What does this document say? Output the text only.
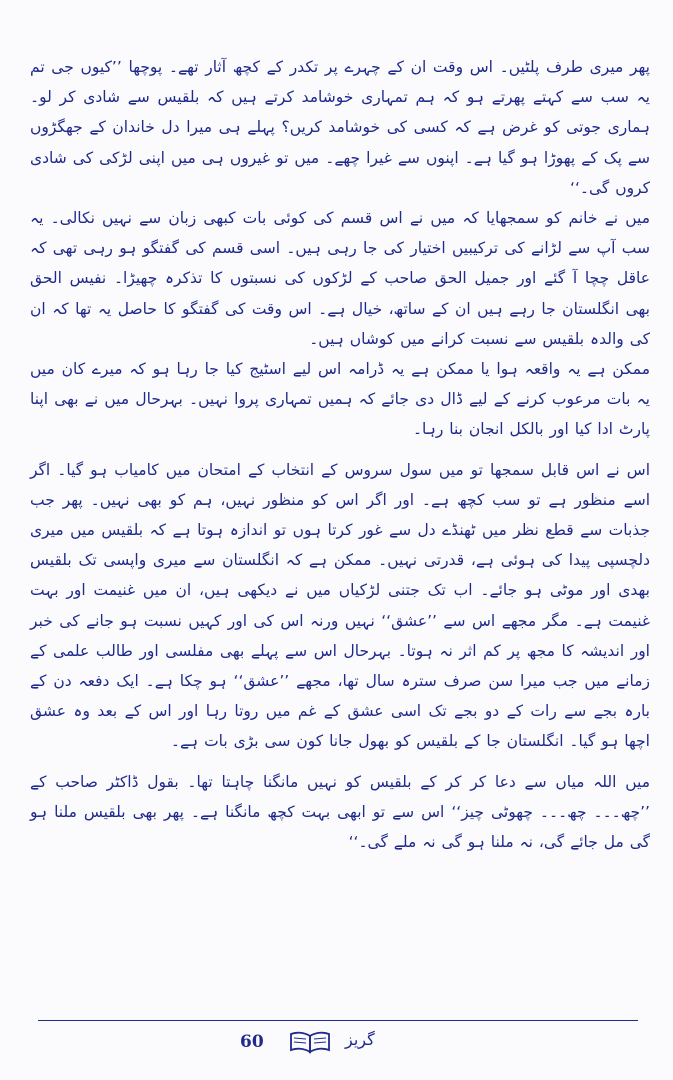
پھر میری طرف پلٹیں۔ اس وقت ان کے چہرے پر تکدر کے کچھ آثار تھے۔ پوچھا ’’کیوں جی تم یہ سب سے کہتے پھرتے ہو کہ ہم تمہاری خوشامد کرتے ہیں کہ بلقیس سے شادی کر لو۔ ہماری جوتی کو غرض ہے کہ کسی کی خوشامد کریں؟ پہلے ہی میرا دل خاندان کے جھگڑوں سے پک کے پھوڑا ہو گیا ہے۔ اپنوں سے غیرا چھے۔ میں تو غیروں ہی میں اپنی لڑکی کی شادی کروں گی۔‘‘

میں نے خانم کو سمجھایا کہ میں نے اس قسم کی کوئی بات کبھی زبان سے نہیں نکالی۔ یہ سب آپ سے لڑانے کی ترکیبیں اختیار کی جا رہی ہیں۔ اسی قسم کی گفتگو ہو رہی تھی کہ عاقل چچا آ گئے اور جمیل الحق صاحب کے لڑکوں کی نسبتوں کا تذکرہ چھیڑا۔ نفیس الحق بھی انگلستان جا رہے ہیں ان کے ساتھ، خیال ہے۔ اس وقت کی گفتگو کا حاصل یہ تھا کہ ان کی والدہ بلقیس سے نسبت کرانے میں کوشاں ہیں۔

ممکن ہے یہ واقعہ ہوا یا ممکن ہے یہ ڈرامہ اس لیے اسٹیج کیا جا رہا ہو کہ میرے کان میں یہ بات مرعوب کرنے کے لیے ڈال دی جائے کہ ہمیں تمہاری پروا نہیں۔ بہرحال میں نے بھی اپنا پارٹ ادا کیا اور بالکل انجان بنا رہا۔

اس نے اس قابل سمجھا تو میں سول سروس کے انتخاب کے امتحان میں کامیاب ہو گیا۔ اگر اسے منظور ہے تو سب کچھ ہے۔ اور اگر اس کو منظور نہیں، ہم کو بھی نہیں۔ پھر جب جذبات سے قطع نظر میں ٹھنڈے دل سے غور کرتا ہوں تو اندازہ ہوتا ہے کہ بلقیس میں میری دلچسپی پیدا کی ہوئی ہے، قدرتی نہیں۔ ممکن ہے کہ انگلستان سے میری واپسی تک بلقیس بھدی اور موٹی ہو جائے۔ اب تک جتنی لڑکیاں میں نے دیکھی ہیں، ان میں غنیمت اور بہت غنیمت ہے۔ مگر مجھے اس سے ’’عشق‘‘ نہیں ورنہ اس کی اور کہیں نسبت ہو جانے کی خبر اور اندیشہ کا مجھ پر کم اثر نہ ہوتا۔ بہرحال اس سے پہلے بھی مفلسی اور طالب علمی کے زمانے میں جب میرا سن صرف سترہ سال تھا، مجھے ’’عشق‘‘ ہو چکا ہے۔ ایک دفعہ دن کے بارہ بجے سے رات کے دو بجے تک اسی عشق کے غم میں روتا رہا اور اس کے بعد وہ عشق اچھا ہو گیا۔ انگلستان جا کے بلقیس کو بھول جانا کون سی بڑی بات ہے۔

میں اللہ میاں سے دعا کر کر کے بلقیس کو نہیں مانگنا چاہتا تھا۔ بقول ڈاکٹر صاحب کے ’’چھ۔۔۔ چھ۔۔۔ چھوٹی چیز‘‘ اس سے تو ابھی بہت کچھ مانگنا ہے۔ پھر بھی بلقیس ملنا ہو گی مل جائے گی، نہ ملنا ہو گی نہ ملے گی۔‘‘

60	گریز
